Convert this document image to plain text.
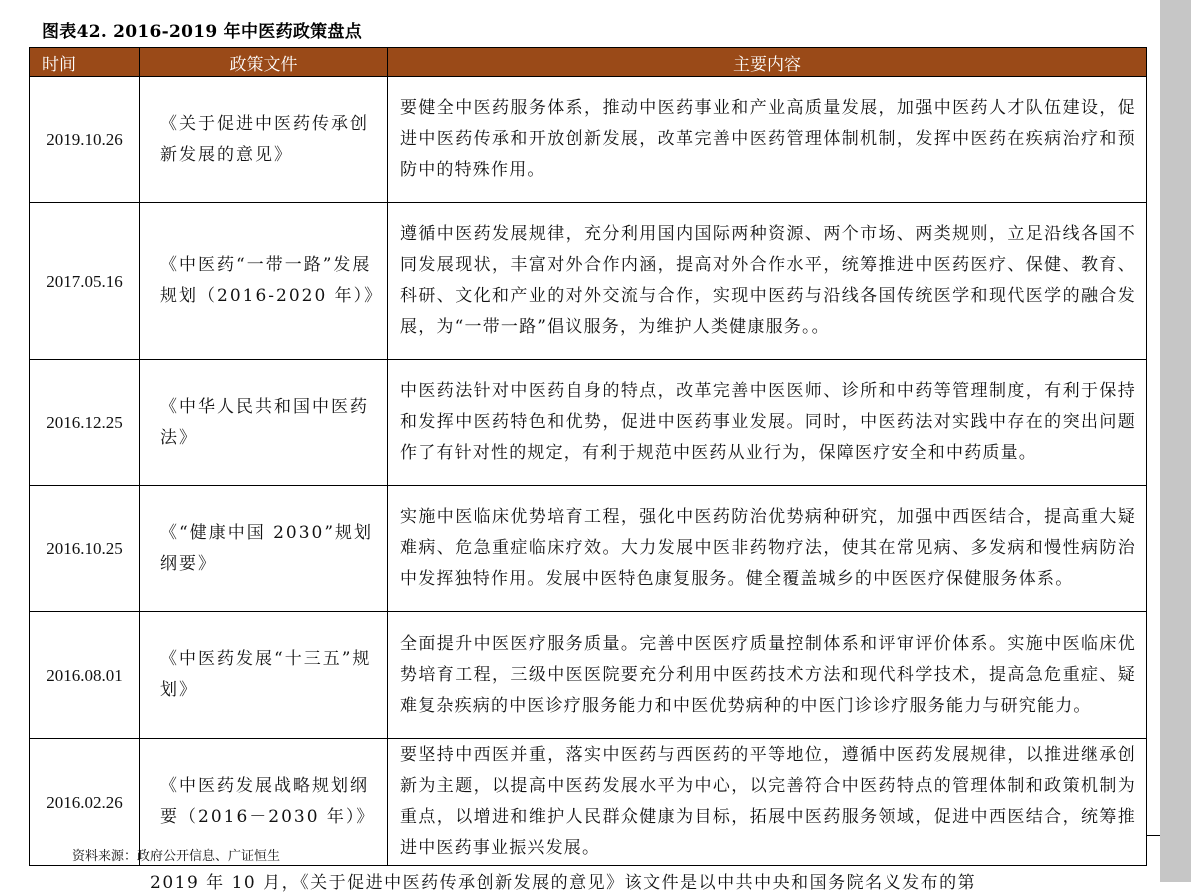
图表42. 2016-2019 年中医药政策盘点
时间	政策文件	主要内容
2019.10.26	《关于促进中医药传承创新发展的意见》	要健全中医药服务体系，推动中医药事业和产业高质量发展，加强中医药人才队伍建设，促进中医药传承和开放创新发展，改革完善中医药管理体制机制，发挥中医药在疾病治疗和预防中的特殊作用。
2017.05.16	《中医药“一带一路”发展规划（2016-2020 年）》	遵循中医药发展规律，充分利用国内国际两种资源、两个市场、两类规则，立足沿线各国不同发展现状，丰富对外合作内涵，提高对外合作水平，统筹推进中医药医疗、保健、教育、科研、文化和产业的对外交流与合作，实现中医药与沿线各国传统医学和现代医学的融合发展，为“一带一路”倡议服务，为维护人类健康服务。。
2016.12.25	《中华人民共和国中医药法》	中医药法针对中医药自身的特点，改革完善中医医师、诊所和中药等管理制度，有利于保持和发挥中医药特色和优势，促进中医药事业发展。同时，中医药法对实践中存在的突出问题作了有针对性的规定，有利于规范中医药从业行为，保障医疗安全和中药质量。
2016.10.25	《“健康中国 2030”规划纲要》	实施中医临床优势培育工程，强化中医药防治优势病种研究，加强中西医结合，提高重大疑难病、危急重症临床疗效。大力发展中医非药物疗法，使其在常见病、多发病和慢性病防治中发挥独特作用。发展中医特色康复服务。健全覆盖城乡的中医医疗保健服务体系。
2016.08.01	《中医药发展“十三五”规划》	全面提升中医医疗服务质量。完善中医医疗质量控制体系和评审评价体系。实施中医临床优势培育工程，三级中医医院要充分利用中医药技术方法和现代科学技术，提高急危重症、疑难复杂疾病的中医诊疗服务能力和中医优势病种的中医门诊诊疗服务能力与研究能力。
2016.02.26	《中医药发展战略规划纲要（2016－2030 年）》	要坚持中西医并重，落实中医药与西医药的平等地位，遵循中医药发展规律，以推进继承创新为主题，以提高中医药发展水平为中心，以完善符合中医药特点的管理体制和政策机制为重点，以增进和维护人民群众健康为目标，拓展中医药服务领域，促进中西医结合，统筹推进中医药事业振兴发展。
资料来源：政府公开信息、广证恒生
2019 年 10 月，《关于促进中医药传承创新发展的意见》该文件是以中共中央和国务院名义发布的第
